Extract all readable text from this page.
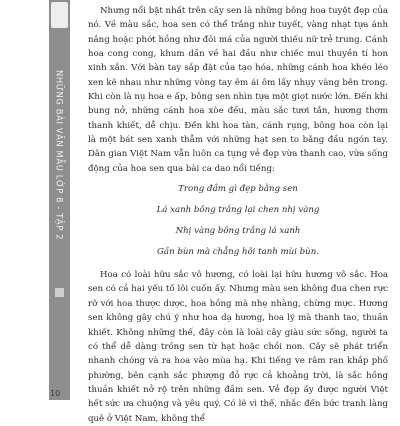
NHỮNG BÀI VĂN MẪU LỚP 8 - TẬP 2
10

Nhưng nổi bật nhất trên cây sen là những bông hoa tuyệt đẹp của nó. Về màu sắc, hoa sen có thể trắng như tuyết, vàng nhạt tựa ánh nắng hoặc phớt hồng như đôi má của người thiếu nữ trẻ trung. Cánh hoa cong cong, khum dần về hai đầu như chiếc mui thuyền tí hon xinh xắn. Với bàn tay sắp đặt của tạo hóa, những cánh hoa khéo léo xen kẽ nhau như những vòng tay êm ái ôm lấy nhụy vàng bên trong. Khi còn là nụ hoa e ấp, bông sen nhìn tựa một giọt nước lớn. Đến khi bung nở, những cánh hoa xòe đều, màu sắc tươi tắn, hương thơm thanh khiết, dễ chịu. Đến khi hoa tàn, cánh rụng, bông hoa còn lại là một bát sen xanh thẫm với những hạt sen to bằng đầu ngón tay. Dân gian Việt Nam vẫn luôn ca tụng vẻ đẹp vừa thanh cao, vừa sống động của hoa sen qua bài ca dao nổi tiếng:

Trong đầm gì đẹp bằng sen

Lá xanh bông trắng lại chen nhị vàng

Nhị vàng bông trắng lá xanh

Gần bùn mà chẳng hôi tanh mùi bùn.

Hoa có loài hữu sắc vô hương, có loài lại hữu hương vô sắc. Hoa sen có cả hai yếu tố lôi cuốn ấy. Nhưng màu sen không đua chen rực rỡ với hoa thược dược, hoa hồng mà nhẹ nhàng, chừng mực. Hương sen không gây chú ý như hoa dạ hương, hoa lý mà thanh tao, thuần khiết. Không những thế, đây còn là loài cây giàu sức sống, người ta có thể dễ dàng trồng sen từ hạt hoặc chồi non. Cây sẽ phát triển nhanh chóng và ra hoa vào mùa hạ. Khi tiếng ve râm ran khắp phố phường, bên cạnh sắc phượng đỏ rực cả khoảng trời, là sắc hồng thuần khiết nở rộ trên những đầm sen. Vẻ đẹp ấy được người Việt hết sức ưa chuộng và yêu quý. Có lẽ vì thế, nhắc đến bức tranh làng quê ở Việt Nam, không thể
